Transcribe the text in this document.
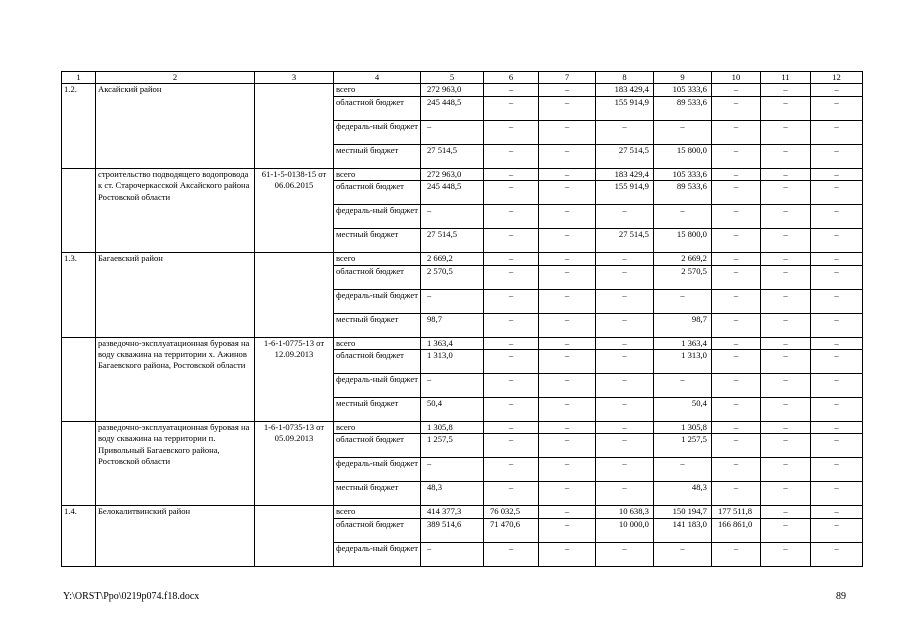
1	2	3	4	5	6	7	8	9	10	11	12
1.2.	Аксайский район		всего	272 963,0	–	–	183 429,4	105 333,6	–	–	–
			областной бюджет	245 448,5	–	–	155 914,9	89 533,6	–	–	–
			федераль-ный бюджет	–	–	–	–	–	–	–	–
			местный бюджет	27 514,5	–	–	27 514,5	15 800,0	–	–	–
	строительство подводящего водопровода к ст. Старочеркасской Аксайского района Ростовской области	61-1-5-0138-15 от 06.06.2015	всего	272 963,0	–	–	183 429,4	105 333,6	–	–	–
			областной бюджет	245 448,5	–	–	155 914,9	89 533,6	–	–	–
			федераль-ный бюджет	–	–	–	–	–	–	–	–
			местный бюджет	27 514,5	–	–	27 514,5	15 800,0	–	–	–
1.3.	Багаевский район		всего	2 669,2	–	–	–	2 669,2	–	–	–
			областной бюджет	2 570,5	–	–	–	2 570,5	–	–	–
			федераль-ный бюджет	–	–	–	–	–	–	–	–
			местный бюджет	98,7	–	–	–	98,7	–	–	–
	разведочно-эксплуатационная буровая на воду скважина на территории х. Ажинов Багаевского района, Ростовской области	1-6-1-0775-13 от 12.09.2013	всего	1 363,4	–	–	–	1 363,4	–	–	–
			областной бюджет	1 313,0	–	–	–	1 313,0	–	–	–
			федераль-ный бюджет	–	–	–	–	–	–	–	–
			местный бюджет	50,4	–	–	–	50,4	–	–	–
	разведочно-эксплуатационная буровая на воду скважина на территории п. Привольный Багаевского района, Ростовской области	1-6-1-0735-13 от 05.09.2013	всего	1 305,8	–	–	–	1 305,8	–	–	–
			областной бюджет	1 257,5	–	–	–	1 257,5	–	–	–
			федераль-ный бюджет	–	–	–	–	–	–	–	–
			местный бюджет	48,3	–	–	–	48,3	–	–	–
1.4.	Белокалитвинский район		всего	414 377,3	76 032,5	–	10 638,3	150 194,7	177 511,8	–	–
			областной бюджет	389 514,6	71 470,6	–	10 000,0	141 183,0	166 861,0	–	–
			федераль-ный бюджет	–	–	–	–	–	–	–	–
Y:\ORST\Ppo\0219p074.f18.docx	89
